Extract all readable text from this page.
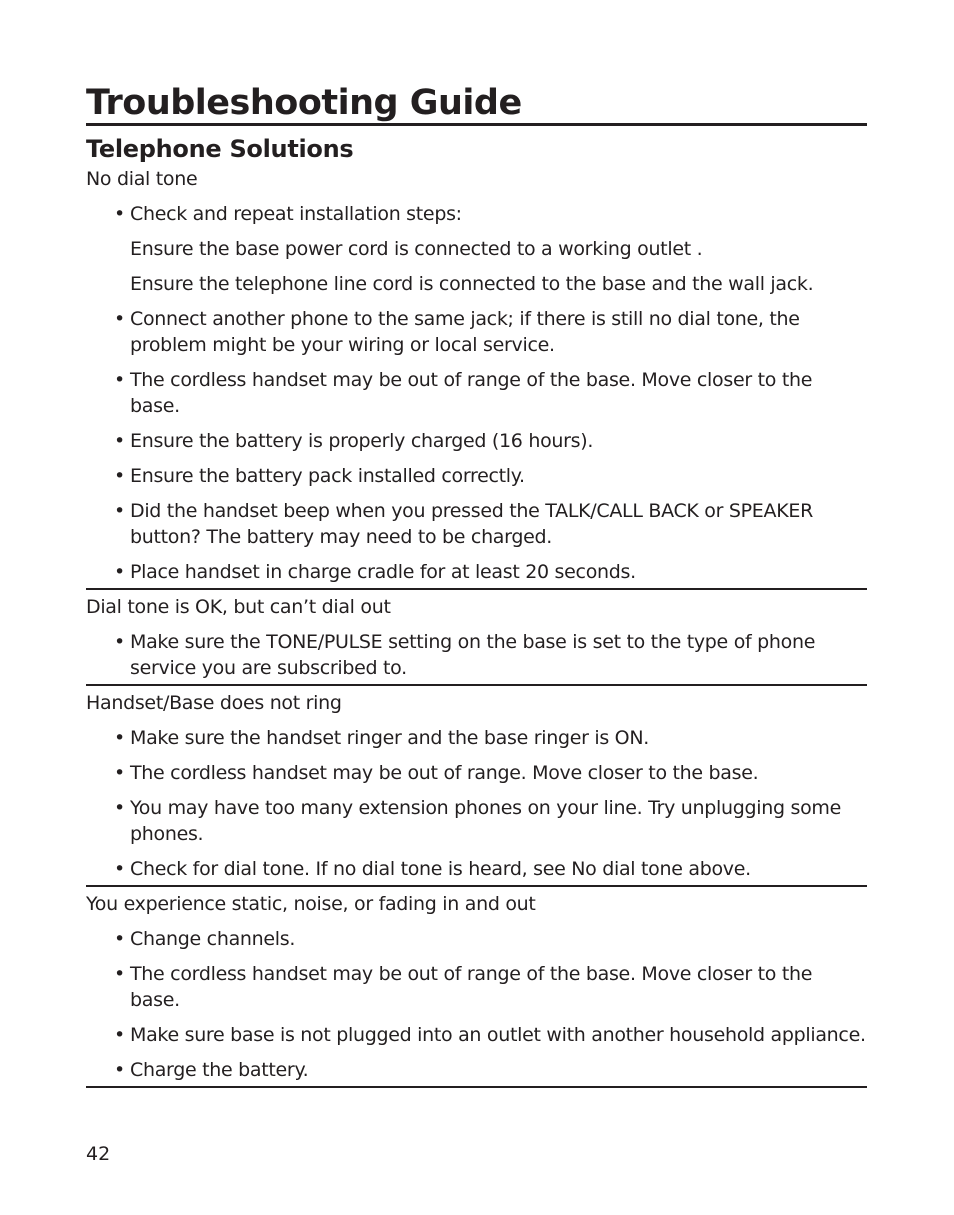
Troubleshooting Guide
Telephone Solutions
No dial tone
• Check and repeat installation steps:
Ensure the base power cord is connected to a working outlet .
Ensure the telephone line cord is connected to the base and the wall jack.
• Connect another phone to the same jack; if there is still no dial tone, the problem might be your wiring or local service.
• The cordless handset may be out of range of the base. Move closer to the base.
• Ensure the battery is properly charged (16 hours).
• Ensure the battery pack installed correctly.
• Did the handset beep when you pressed the TALK/CALL BACK or SPEAKER button? The battery may need to be charged.
• Place handset in charge cradle for at least 20 seconds.
Dial tone is OK, but can’t dial out
• Make sure the TONE/PULSE setting on the base is set to the type of phone service you are subscribed to.
Handset/Base does not ring
• Make sure the handset ringer and the base ringer is ON.
• The cordless handset may be out of range. Move closer to the base.
• You may have too many extension phones on your line. Try unplugging some phones.
• Check for dial tone. If no dial tone is heard, see No dial tone above.
You experience static, noise, or fading in and out
• Change channels.
• The cordless handset may be out of range of the base. Move closer to the base.
• Make sure base is not plugged into an outlet with another household appliance.
• Charge the battery.
42
